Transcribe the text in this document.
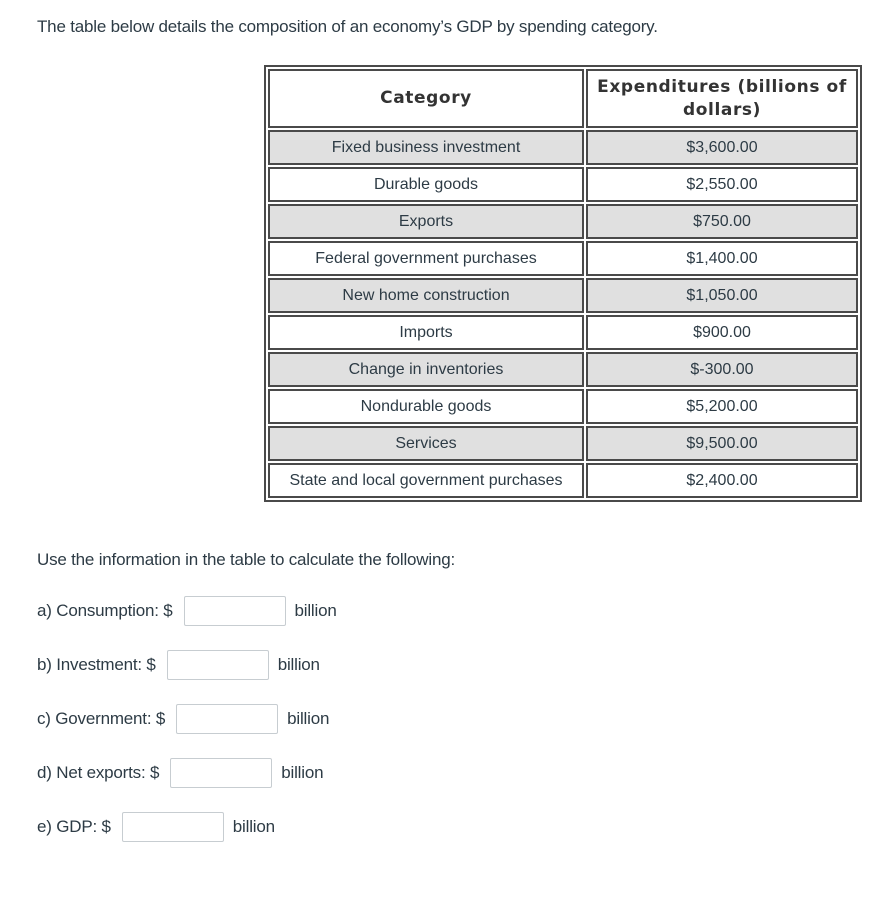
The table below details the composition of an economy’s GDP by spending category.
Category	Expenditures (billions of dollars)
Fixed business investment	$3,600.00
Durable goods	$2,550.00
Exports	$750.00
Federal government purchases	$1,400.00
New home construction	$1,050.00
Imports	$900.00
Change in inventories	$-300.00
Nondurable goods	$5,200.00
Services	$9,500.00
State and local government purchases	$2,400.00
Use the information in the table to calculate the following:
a) Consumption: $	billion
b) Investment: $	billion
c) Government: $	billion
d) Net exports: $	billion
e) GDP: $	billion
